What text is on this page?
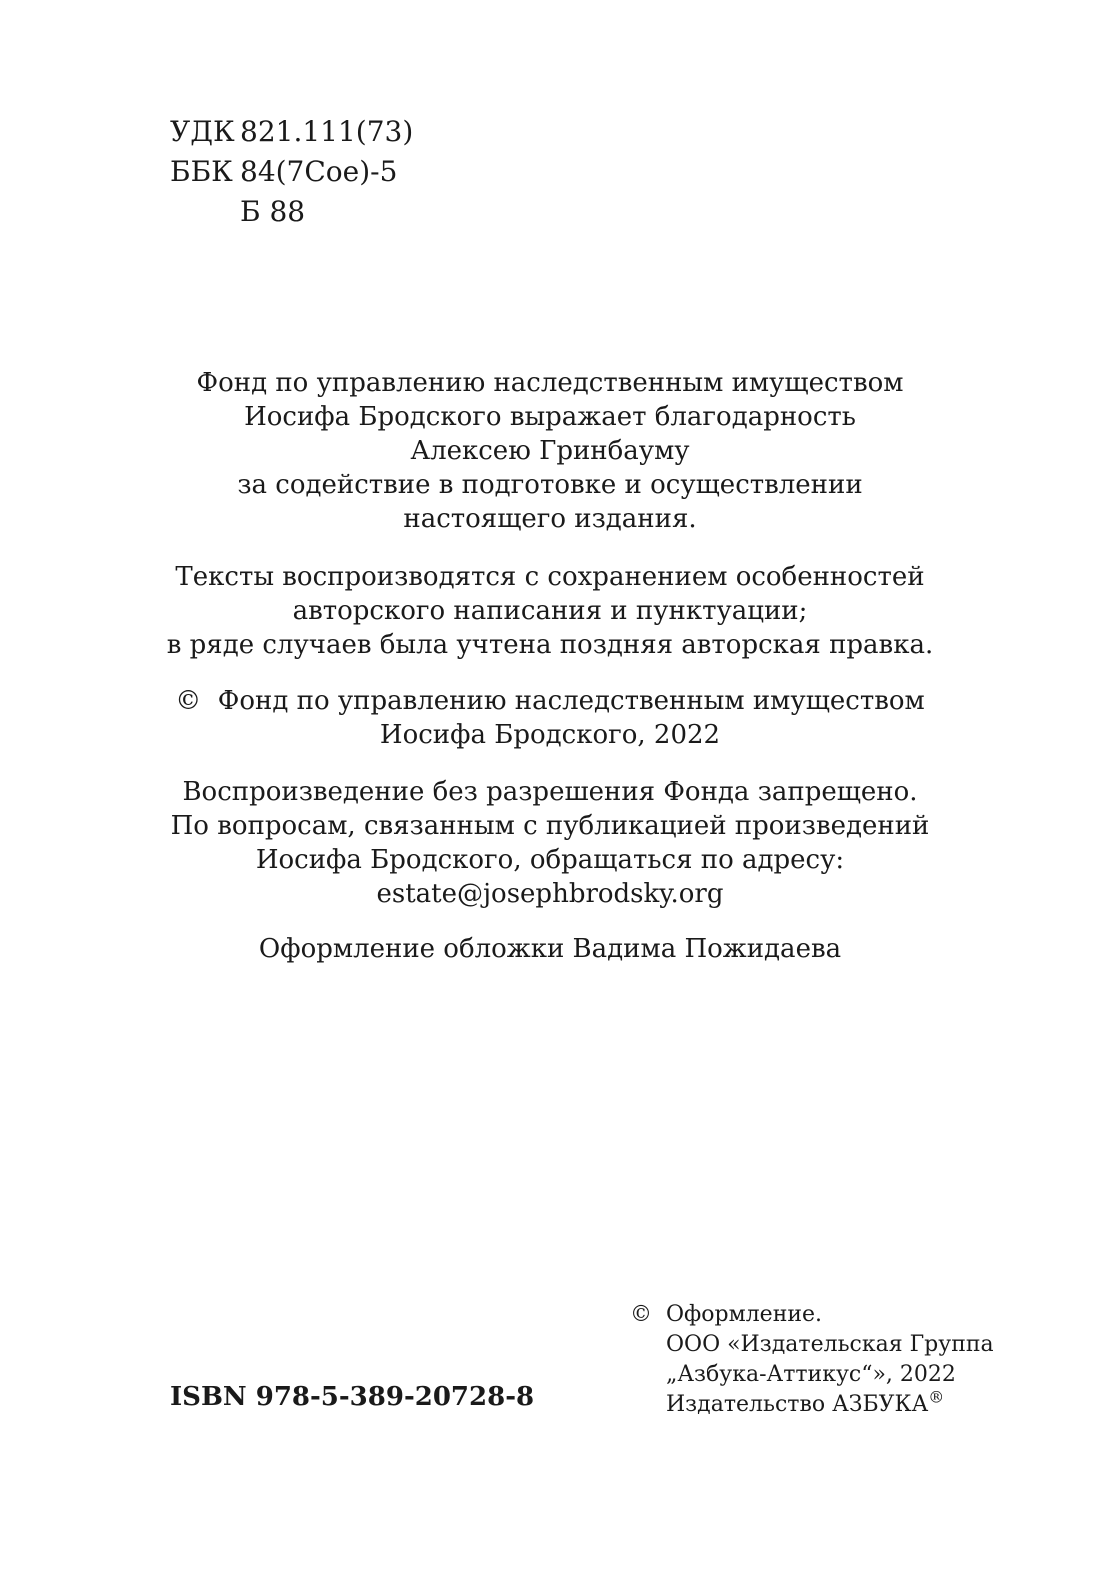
УДК 821.111(73)
ББК 84(7Сое)-5
Б 88
Фонд по управлению наследственным имуществом
Иосифа Бродского выражает благодарность
Алексею Гринбауму
за содействие в подготовке и осуществлении
настоящего издания.
Тексты воспроизводятся с сохранением особенностей
авторского написания и пунктуации;
в ряде случаев была учтена поздняя авторская правка.
© Фонд по управлению наследственным имуществом
Иосифа Бродского, 2022
Воспроизведение без разрешения Фонда запрещено.
По вопросам, связанным с публикацией произведений
Иосифа Бродского, обращаться по адресу:
estate@josephbrodsky.org
Оформление обложки Вадима Пожидаева
ISBN 978-5-389-20728-8
© Оформление.
ООО «Издательская Группа
„Азбука-Аттикус“», 2022
Издательство АЗБУКА®
